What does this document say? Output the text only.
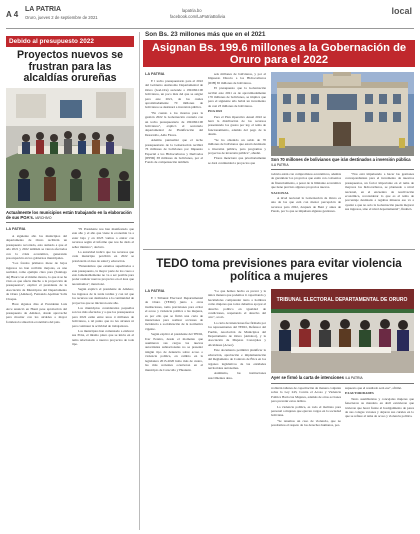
A 4
LA PATRIA
Oruro, jueves 2 de septiembre de 2021
lapatria.bo
facebook.com/LaPatriaBolivia
local
Debido al presupuesto 2022
Proyectos nuevos se frustran para las alcaldías orureñas
Actualmente los municipios están trabajando en la elaboración de sus POA's. /ARCHIVO
LA PATRIA

A siguiente año los municipios del departamento de Oruro recibirán un presupuesto recortado, esto sumado a que el año 2021 y 2022 también se vieron afectados con la crisis económica, generando preocupación en los gobiernos municipales.

"Los fondos primeros mese de bajos ingresos no han recibido mejoras, es una realidad, como ejemplo claro para (Santiago de) Huari con el mismo monto, lo que si se ha visto es que afecta mucho a la proyección de presupuestos", explicó el presidente de la Asociación de Municipios del Departamento de Oruro (Amdeor), Fernando Apolinar Solís Choque.

Hace algunos días el Presidente Luis Arce anunció en Huari pese aprobación del presupuesto de Amdeor, donde aprovechó para mostrar con los alcaldes a mayor fortaleza la situación económica del país.

"El Presidente nos han manifestado que este año y el año que viene la economía va a estar baja y en 2023 vamos a entrar con recursos según el informe que nos ha dado el señor ministro", declaró.

La autoridad indicó que los recursos que cada municipio percibirá en 2022 se priorizarán al área de salud y educación.

"Entendemos que estamos supeditados a este presupuesto, la mayor parte de los casos a esto lamentablemente no va a ser posible para poder realizar nuevos proyectos en el área que necesitamos", mencionó.

Según explicó el presidente de Amdeor, los ingresos de la tarde tardías y con tal que los recursos son destinados a la continuidad de proyectos que se iniciaron este año.

Los municipios considerados pequeños son los más afectados y a que los presupuestos para 2022 están entre unos 4 millones de bolivianos, a tal punto que no les alcanza ni para continuar la actividad de trabajadores.

Los municipios han comenzado a elaborar sus POA, el mismo plazo que se inicia en el tema relacionado a nuevos proyectos de toda tipo.

Son Bs. 23 millones más que en el 2021
Asignan Bs. 199.6 millones a la Gobernación de Oruro para el 2022
LA PATRIA

E l techo presupuestario para el 2022 del Gobierno Autónomo Departamental de Oruro (Gad-Oru) asciende a 199.660.100 bolivianos, un poco más del que se asignó para este 2021, de los cuales aproximadamente 70 millones de bolivianos se destinará a inversión pública.

"En cuanto a los montos para la gestión 2022 la Gobernación contaría con un techo presupuestario de 199.660.100 bolivianos", explicó el secretario departamental de Planificación del Desarrollo, Aldo Flores.

Además puntualizó que el techo presupuestario de la Gobernación recibirá 76 millones de bolivianos por Impuesto Especial a los Hidrocarburos y Derivados (IEHD) 38 millones de bolivianos, por el Fondo de compensación también

seis millones de bolivianos, y por el Impuesto Directo a los Hidrocarburos (IDH) 65 millones de bolivianos.

El presupuesto que la Gobernación recibió este 2021 es de aproximadamente 176 millones de bolivianos, se implica que para el siguiente año habrá un incremento de casi 23 millones de bolivianos.

POA 2022

Para el Plan Operativo Anual 2022 se hará la distribución de los recursos presentando los gastos por ley, el tema de funcionamiento, además del pago de la deuda.

"Se ha obtenido un saldo de 70 millones de bolivianos que estará destinado a inversión pública, para programas y proyectos de inversión pública", añadió.

Flores mencionó que prioritariamente se dará continuidad a proyectos que

Son 70 millones de bolivianos que irán destinados a inversión pública /LA PATRIA

todavía están con compromisos económicos, además de garantizar los proyectos que están con convenios de financiamiento, a pesar de la limitante económica que tiene previsto algunos proyectos nuevos.

NACIONAL

A nivel nacional la Gobernación de Oruro es una de las que está con menor percepción de recursos para 2022, después de Beni y antes de Pando, por lo que se impulsan algunas gestiones.

"Nos está impulsando a hacer las gestiones correspondientes para el incremento de nuestros presupuestos, un factor importante en el tema de mayores los hidrocarburos, se planteado a nivel nacional, en el encuentro de reactivación económica, reconsiderar lo que es el tema de porcentaje destinado a regalías mineras eso va a ayudar a que no solo la Gobernación pueda mejorar sus ingresos, sino el nivel departamental", finalizó.

TEDO toma previsiones para evitar violencia política a mujeres
LA PATRIA

E l Tribunal Electoral Departamental de Oruro (TEDO) junto a otras instituciones, toma previsiones para evitar el acoso y violencia política a las mujeres, es por ello que se firmó una carta de intenciones para realizar acciones de incidencia a socialización de la normativa vigente.

Según explicó el presidente del TEDO, Iver Pereira, desde el momento que asumieron sus cargos las nuevas autoridades subnacionales no se presentó ningún tipo de denuncia sobre acoso o violencia política, en cambio en la legislatura 2015-2020 hubo más de cuatro, las más recientes ocurrieron en el municipio de Caracollo y Huanuni.

"Lo que hemos hecho es prever y la única manera que podemos ir capacitando y haciéndoles comprender tanto a hombres como mujeres que todos debemos apoyar el derecho político en igualdad de condiciones, respetando el derecho del otro", acotó.

La carta de intenciones fue firmada por los representantes del TEDO, Defensor del Pueblo, Asociación de Municipios del Departamento de Oruro (Amdeor), y la Asociación de Mujeres Concejales y Alcaldesas (Acaor).

Este documento permitirá planificar la educación, aprobación e implementación del Reglamento de Contrato de Ética en los órganos legislativos de las entidades territoriales autónomas.

Asimismo, las instituciones suscribientes desa-

TRIBUNAL ELECTORAL DEPARTAMENTAL DE ORURO
Ayer se firmó la carta de intenciones /LA PATRIA

rrollarán talleres de capacitación de manera conjunta sobre la Ley 243, Contra el Acoso y Violencia Política Hacia las Mujeres, además de otras acciones para prevenir estos delitos.

La violencia política, es todo el maltrato para personal a mujeres que ejercen cargos en la sociedad boliviana.

"Se tenemos un caso de violencia, que no pondremos el respeto de los derechos humanos, por-

supuesto que el resultado será ese", afirmó.

EXAUTORIDADES

Tanto asambleístas y concejales mujeres que fenecieron su mandato en abril estuvieron que tuvieron que hacer frente al hostigamiento de pares de sus colegas varones y dejaron sus curules en lo que se refiere al tema de acoso y violencia política.
